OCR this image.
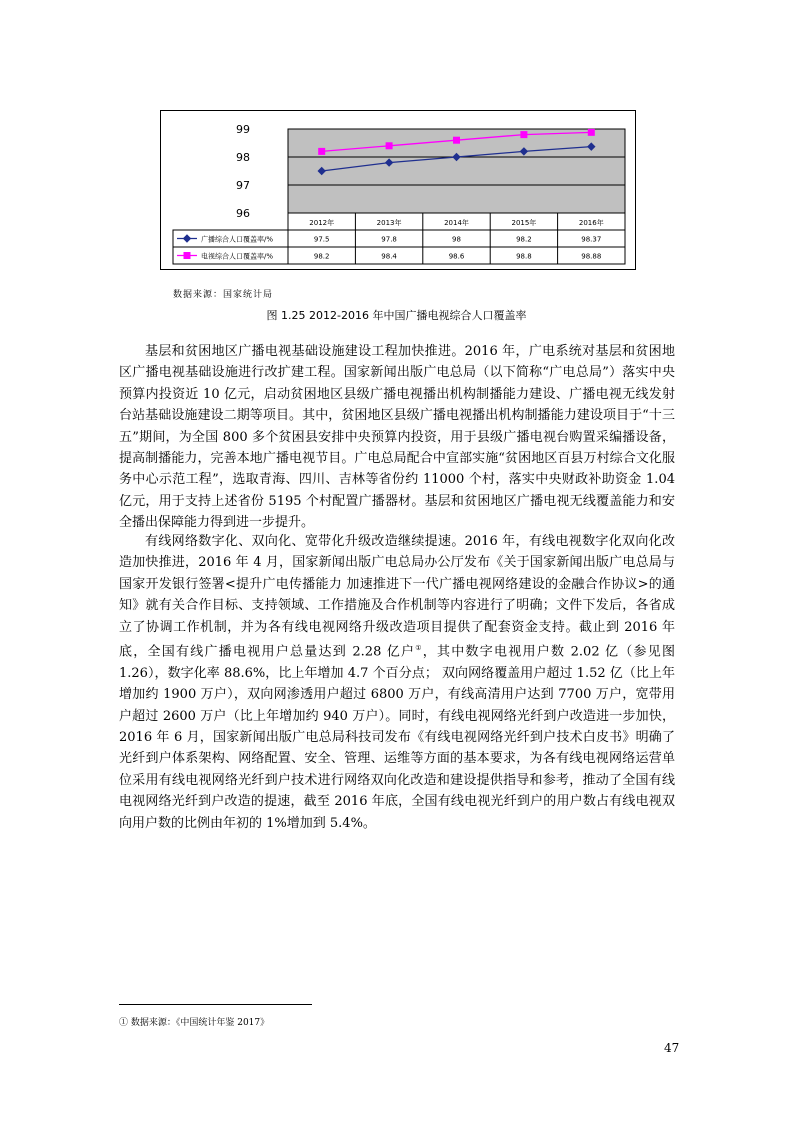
96
97
98
99
2012年	2013年	2014年	2015年	2016年
广播综合人口覆盖率/%	97.5	97.8	98	98.2	98.37
电视综合人口覆盖率/%	98.2	98.4	98.6	98.8	98.88
数据来源：国家统计局
图 1.25 2012-2016 年中国广播电视综合人口覆盖率

基层和贫困地区广播电视基础设施建设工程加快推进。2016 年，广电系统对基层和贫困地区广播电视基础设施进行改扩建工程。国家新闻出版广电总局（以下简称“广电总局”）落实中央预算内投资近 10 亿元，启动贫困地区县级广播电视播出机构制播能力建设、广播电视无线发射台站基础设施建设二期等项目。其中，贫困地区县级广播电视播出机构制播能力建设项目于“十三五”期间，为全国 800 多个贫困县安排中央预算内投资，用于县级广播电视台购置采编播设备，提高制播能力，完善本地广播电视节目。广电总局配合中宣部实施“贫困地区百县万村综合文化服务中心示范工程”，选取青海、四川、吉林等省份约 11000 个村，落实中央财政补助资金 1.04 亿元，用于支持上述省份 5195 个村配置广播器材。基层和贫困地区广播电视无线覆盖能力和安全播出保障能力得到进一步提升。

有线网络数字化、双向化、宽带化升级改造继续提速。2016 年，有线电视数字化双向化改造加快推进，2016 年 4 月，国家新闻出版广电总局办公厅发布《关于国家新闻出版广电总局与国家开发银行签署<提升广电传播能力 加速推进下一代广播电视网络建设的金融合作协议>的通知》就有关合作目标、支持领域、工作措施及合作机制等内容进行了明确；文件下发后，各省成立了协调工作机制，并为各有线电视网络升级改造项目提供了配套资金支持。截止到 2016 年底，全国有线广播电视用户总量达到 2.28 亿户①，其中数字电视用户数 2.02 亿（参见图 1.26），数字化率 88.6%，比上年增加 4.7 个百分点； 双向网络覆盖用户超过 1.52 亿（比上年增加约 1900 万户），双向网渗透用户超过 6800 万户，有线高清用户达到 7700 万户，宽带用户超过 2600 万户（比上年增加约 940 万户）。同时，有线电视网络光纤到户改造进一步加快，2016 年 6 月，国家新闻出版广电总局科技司发布《有线电视网络光纤到户技术白皮书》明确了光纤到户体系架构、网络配置、安全、管理、运维等方面的基本要求，为各有线电视网络运营单位采用有线电视网络光纤到户技术进行网络双向化改造和建设提供指导和参考，推动了全国有线电视网络光纤到户改造的提速，截至 2016 年底，全国有线电视光纤到户的用户数占有线电视双向用户数的比例由年初的 1%增加到 5.4%。

① 数据来源：《中国统计年鉴 2017》
47
